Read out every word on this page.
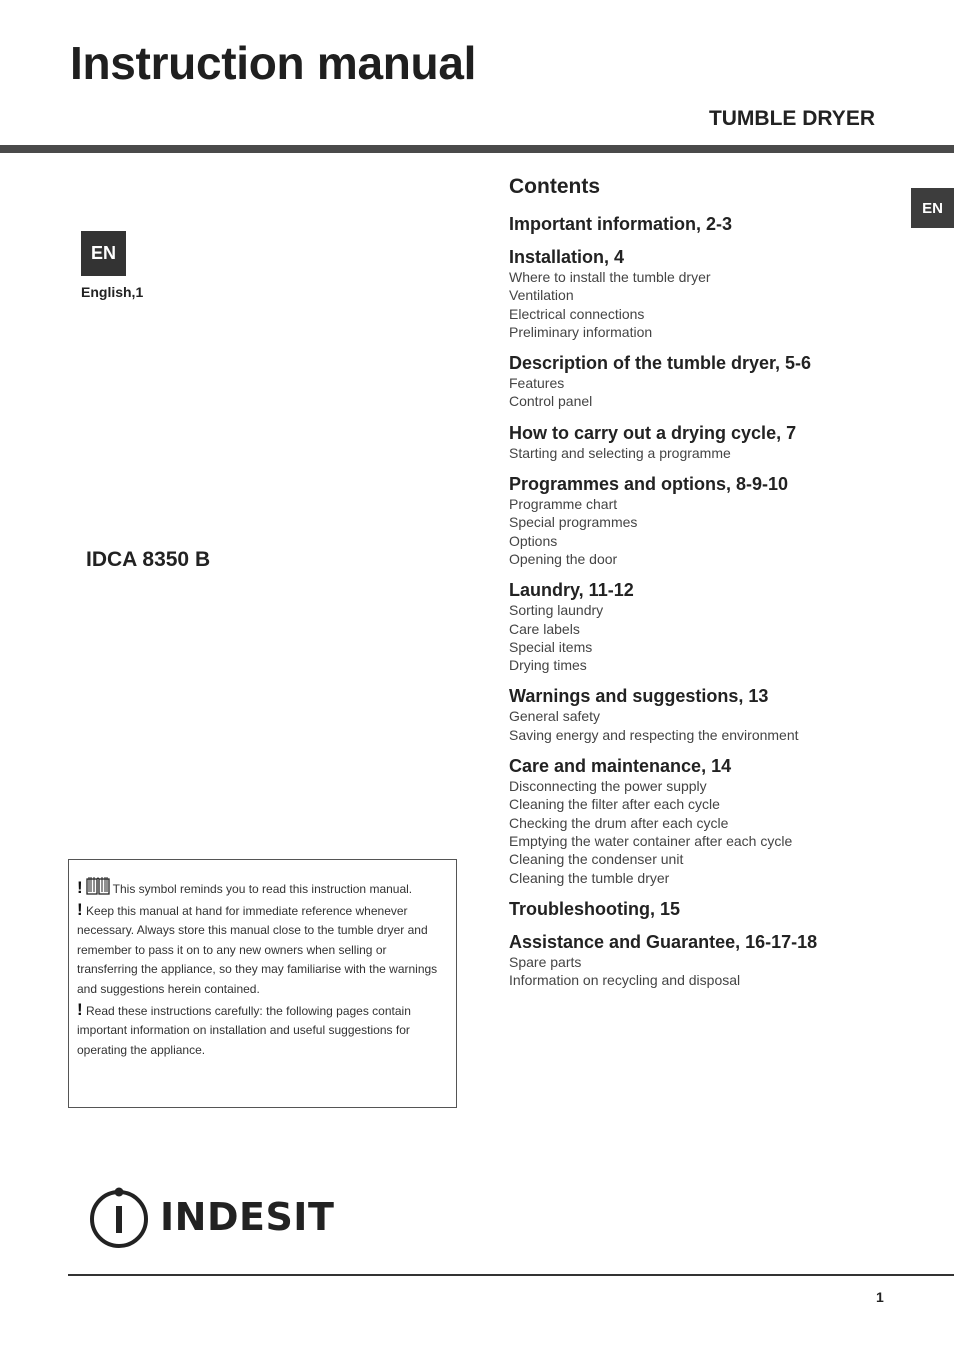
Instruction manual
TUMBLE DRYER
EN
EN
English,1
IDCA 8350 B
Contents
Important information, 2-3
Installation, 4
Where to install the tumble dryer
Ventilation
Electrical connections
Preliminary information
Description of the tumble dryer, 5-6
Features
Control panel
How to carry out a drying cycle, 7
Starting and selecting a programme
Programmes and options, 8-9-10
Programme chart
Special programmes
Options
Opening the door
Laundry, 11-12
Sorting laundry
Care labels
Special items
Drying times
Warnings and suggestions, 13
General safety
Saving energy and respecting the environment
Care and maintenance, 14
Disconnecting the power supply
Cleaning the filter after each cycle
Checking the drum after each cycle
Emptying the water container after each cycle
Cleaning the condenser unit
Cleaning the tumble dryer
Troubleshooting, 15
Assistance and Guarantee, 16-17-18
Spare parts
Information on recycling and disposal

!	This symbol reminds you to read this instruction manual.

! Keep this manual at hand for immediate reference whenever necessary. Always store this manual close to the tumble dryer and remember to pass it on to any new owners when selling or transferring the appliance, so they may familiarise with the warnings and suggestions herein contained.

! Read these instructions carefully: the following pages contain important information on installation and useful suggestions for operating the appliance.

INDESIT
1
